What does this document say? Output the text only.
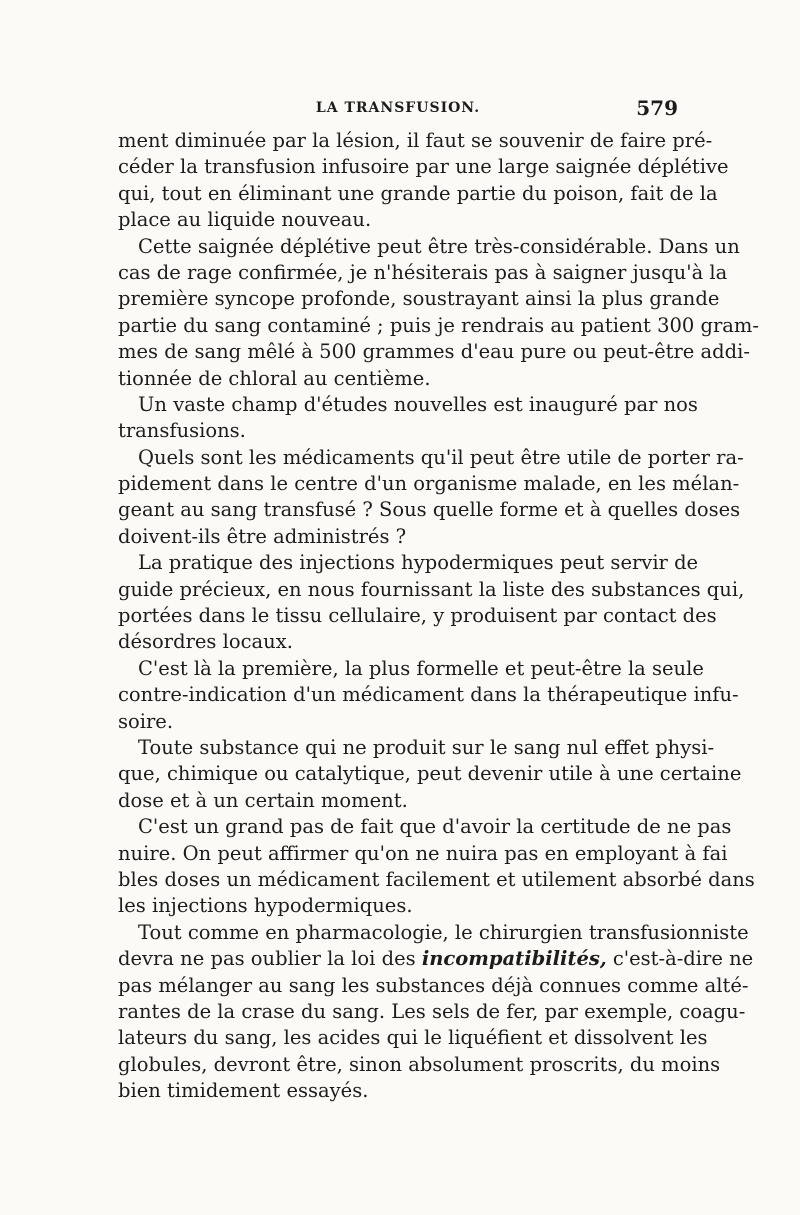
LA TRANSFUSION.	579
ment diminuée par la lésion, il faut se souvenir de faire pré-
céder la transfusion infusoire par une large saignée déplétive
qui, tout en éliminant une grande partie du poison, fait de la
place au liquide nouveau.
Cette saignée déplétive peut être très-considérable. Dans un
cas de rage confirmée, je n'hésiterais pas à saigner jusqu'à la
première syncope profonde, soustrayant ainsi la plus grande
partie du sang contaminé ; puis je rendrais au patient 300 gram-
mes de sang mêlé à 500 grammes d'eau pure ou peut-être addi-
tionnée de chloral au centième.
Un vaste champ d'études nouvelles est inauguré par nos
transfusions.
Quels sont les médicaments qu'il peut être utile de porter ra-
pidement dans le centre d'un organisme malade, en les mélan-
geant au sang transfusé ? Sous quelle forme et à quelles doses
doivent-ils être administrés ?
La pratique des injections hypodermiques peut servir de
guide précieux, en nous fournissant la liste des substances qui,
portées dans le tissu cellulaire, y produisent par contact des
désordres locaux.
C'est là la première, la plus formelle et peut-être la seule
contre-indication d'un médicament dans la thérapeutique infu-
soire.
Toute substance qui ne produit sur le sang nul effet physi-
que, chimique ou catalytique, peut devenir utile à une certaine
dose et à un certain moment.
C'est un grand pas de fait que d'avoir la certitude de ne pas
nuire. On peut affirmer qu'on ne nuira pas en employant à fai
bles doses un médicament facilement et utilement absorbé dans
les injections hypodermiques.
Tout comme en pharmacologie, le chirurgien transfusionniste
devra ne pas oublier la loi des incompatibilités, c'est-à-dire ne
pas mélanger au sang les substances déjà connues comme alté-
rantes de la crase du sang. Les sels de fer, par exemple, coagu-
lateurs du sang, les acides qui le liquéfient et dissolvent les
globules, devront être, sinon absolument proscrits, du moins
bien timidement essayés.
